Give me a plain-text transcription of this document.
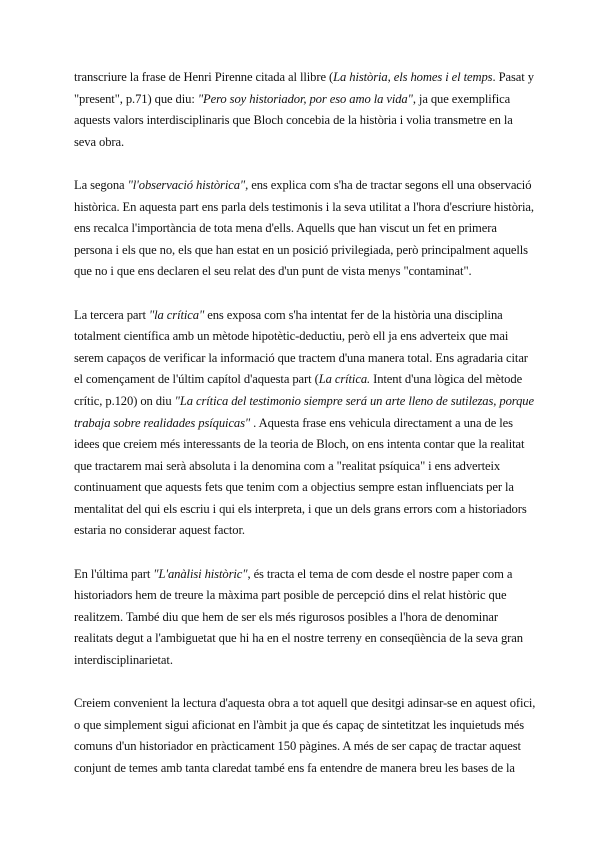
transcriure la frase de Henri Pirenne citada al llibre (La història, els homes i el temps. Pasat y "present", p.71) que diu: "Pero soy historiador, por eso amo la vida", ja que exemplifica aquests valors interdisciplinaris que Bloch concebia de la història i volia transmetre en la seva obra.

La segona "l'observació històrica", ens explica com s'ha de tractar segons ell una observació històrica. En aquesta part ens parla dels testimonis i la seva utilitat a l'hora d'escriure història, ens recalca l'importància de tota mena d'ells. Aquells que han viscut un fet en primera persona i els que no, els que han estat en un posició privilegiada, però principalment aquells que no i que ens declaren el seu relat des d'un punt de vista menys "contaminat".

La tercera part "la crítica" ens exposa com s'ha intentat fer de la història una disciplina totalment científica amb un mètode hipotètic-deductiu, però ell ja ens adverteix que mai serem capaços de verificar la informació que tractem d'una manera total. Ens agradaria citar el començament de l'últim capítol d'aquesta part (La crítica. Intent d'una lògica del mètode crític, p.120) on diu "La crítica del testimonio siempre será un arte lleno de sutilezas, porque trabaja sobre realidades psíquicas" . Aquesta frase ens vehicula directament a una de les idees que creiem més interessants de la teoria de Bloch, on ens intenta contar que la realitat que tractarem mai serà absoluta i la denomina com a "realitat psíquica" i ens adverteix continuament que aquests fets que tenim com a objectius sempre estan influenciats per la mentalitat del qui els escriu i qui els interpreta, i que un dels grans errors com a historiadors estaria no considerar aquest factor.

En l'última part "L'anàlisi històric", és tracta el tema de com desde el nostre paper com a historiadors hem de treure la màxima part posible de percepció dins el relat històric que realitzem. També diu que hem de ser els més rigurosos posibles a l'hora de denominar realitats degut a l'ambiguetat que hi ha en el nostre terreny en conseqüència de la seva gran interdisciplinarietat.

Creiem convenient la lectura d'aquesta obra a tot aquell que desitgi adinsar-se en aquest ofici, o que simplement sigui aficionat en l'àmbit ja que és capaç de sintetitzat les inquietuds més comuns d'un historiador en pràcticament 150 pàgines. A més de ser capaç de tractar aquest conjunt de temes amb tanta claredat també ens fa entendre de manera breu les bases de la
